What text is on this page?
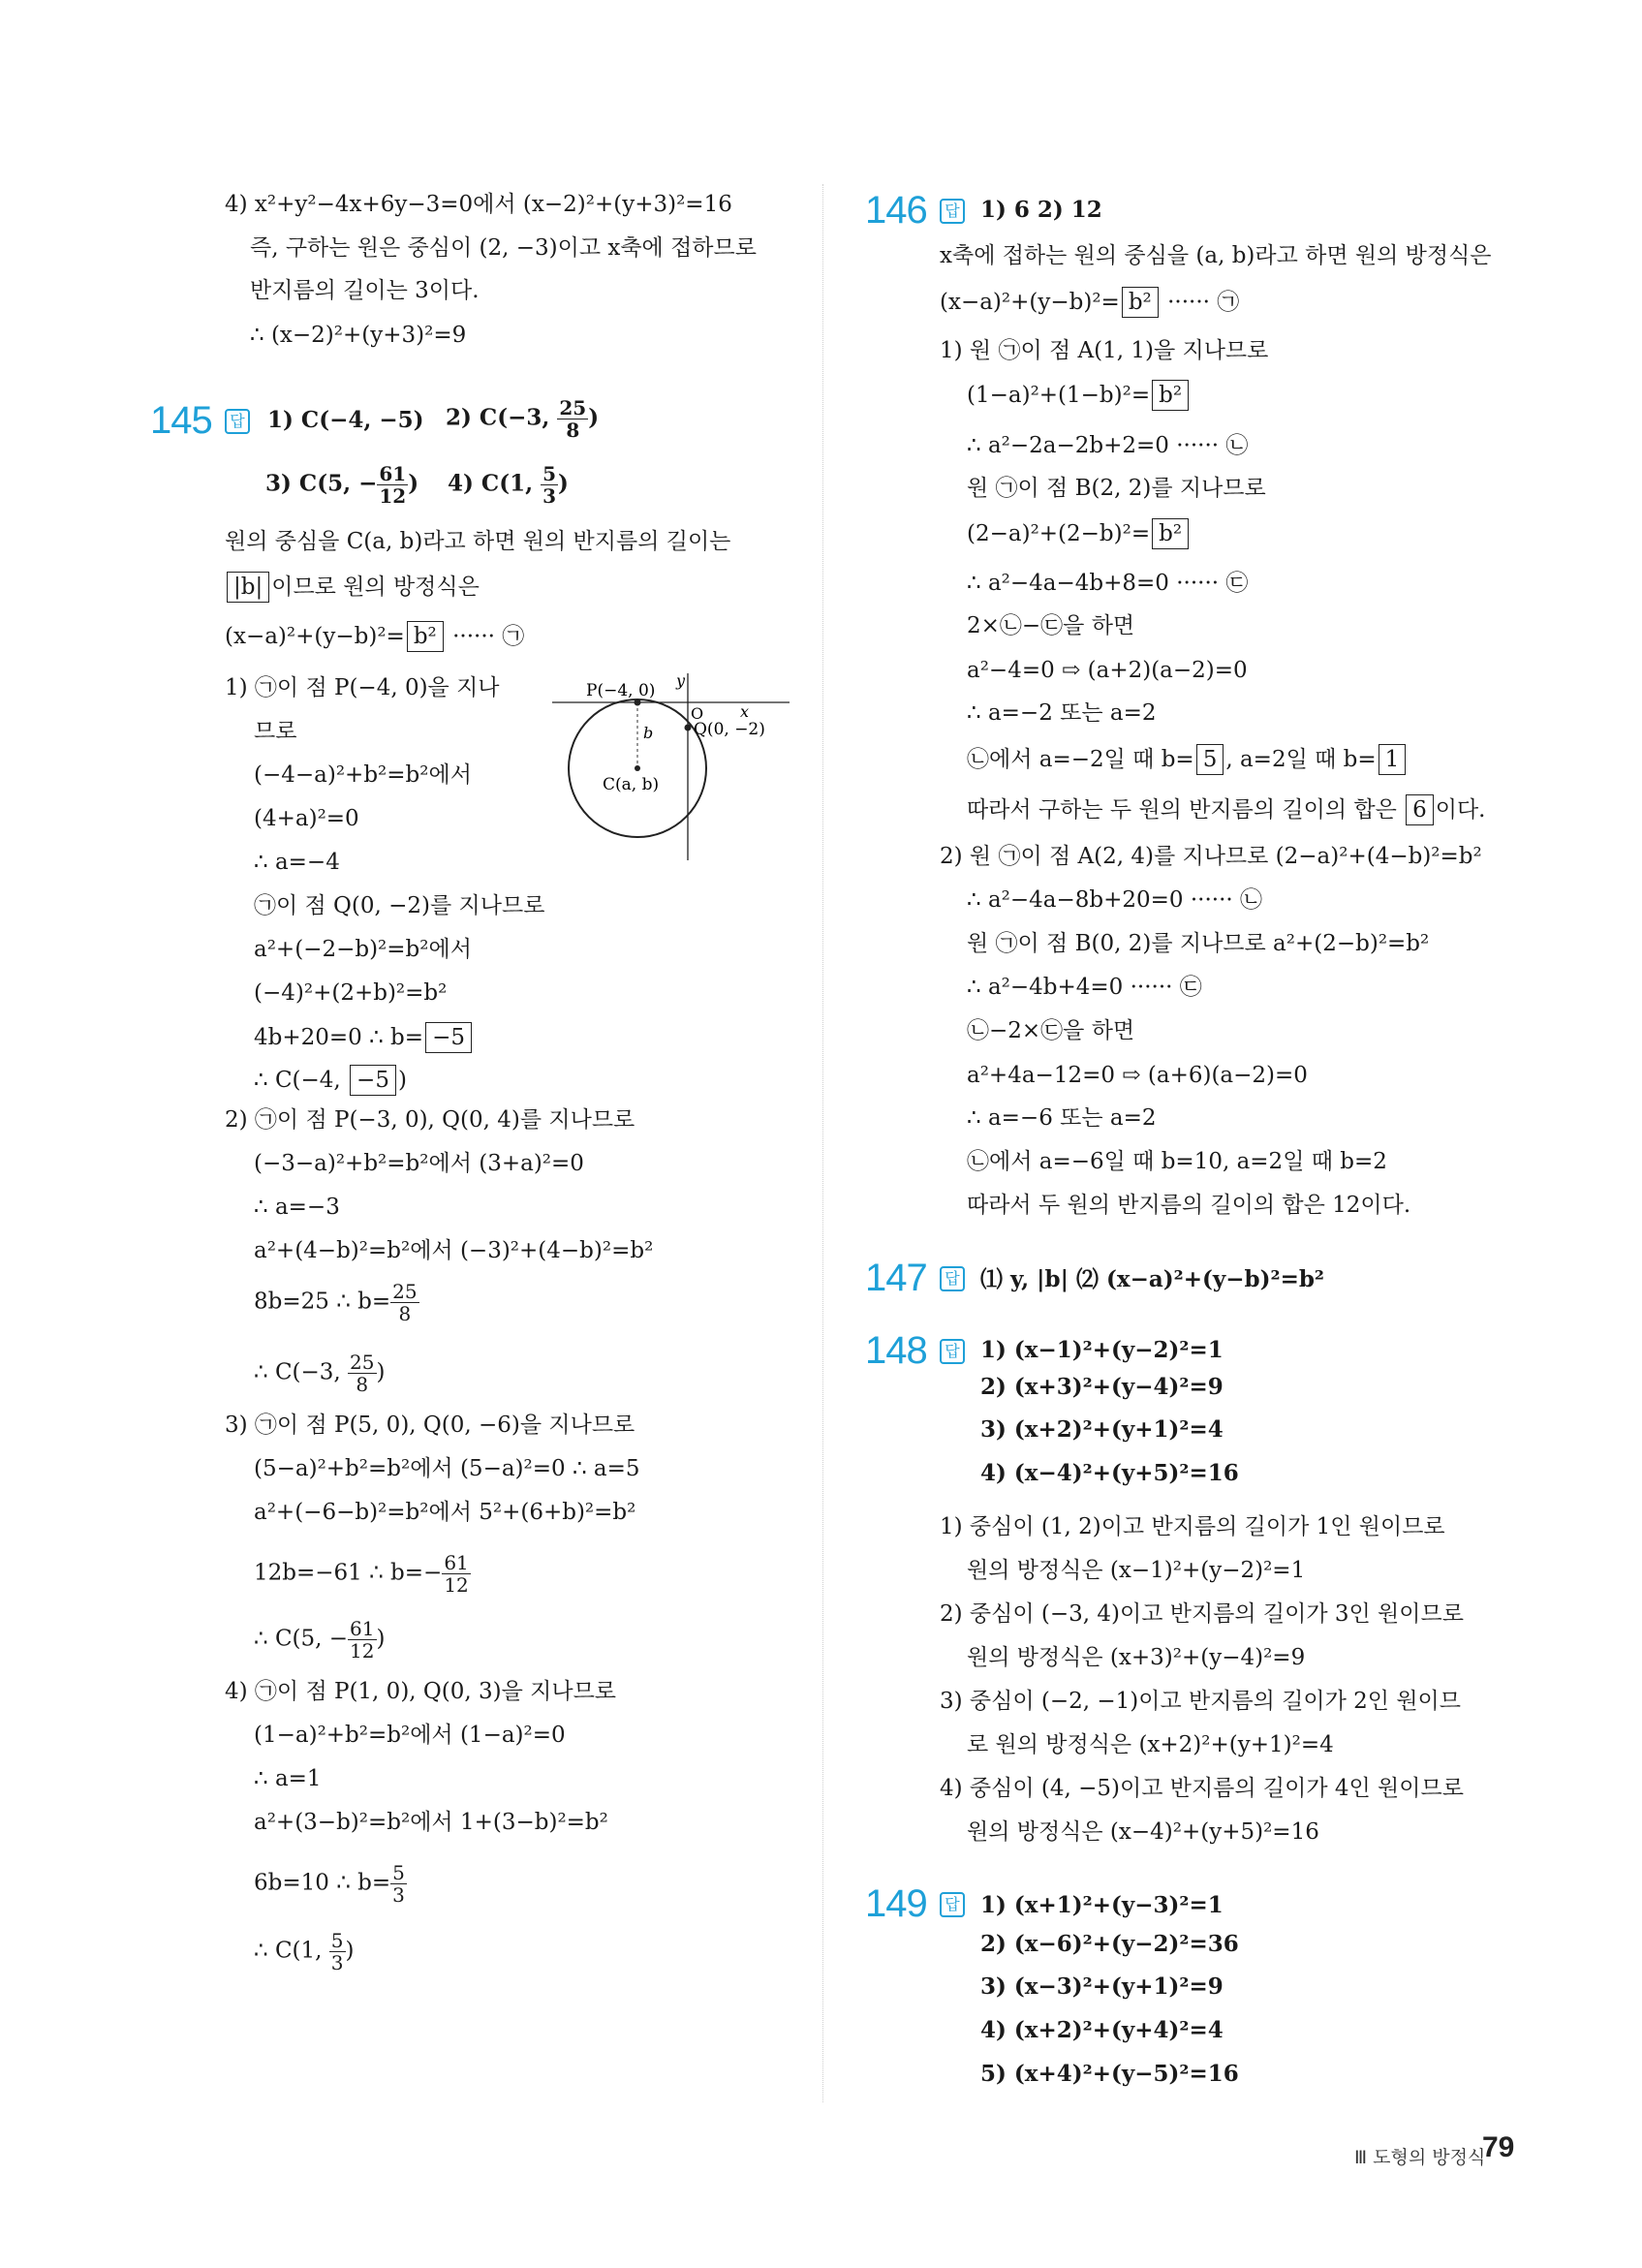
4) x²+y²−4x+6y−3=0에서 (x−2)²+(y+3)²=16
즉, 구하는 원은 중심이 (2, −3)이고 x축에 접하므로
반지름의 길이는 3이다.
∴ (x−2)²+(y+3)²=9
145	답 1) C(−4, −5) 2) C(−3, $\frac{25}{8}$ )
3) C(5, − $\frac{61}{12}$ ) 4) C(1, $\frac{5}{3}$ )
원의 중심을 C(a, b)라고 하면 원의 반지름의 길이는
|b| 이므로 원의 방정식은
(x−a)²+(y−b)²= b² ······ ㉠
1) ㉠이 점 P(−4, 0)을 지나
므로
(−4−a)²+b²=b²에서
(4+a)²=0
∴ a=−4
㉠이 점 Q(0, −2)를 지나므로
a²+(−2−b)²=b²에서
(−4)²+(2+b)²=b²
4b+20=0 ∴ b= −5
∴ C(−4, −5 )
P(−4, 0)
y
O x
Q(0, −2)
b
C(a, b)
2) ㉠이 점 P(−3, 0), Q(0, 4)를 지나므로
(−3−a)²+b²=b²에서 (3+a)²=0
∴ a=−3
a²+(4−b)²=b²에서 (−3)²+(4−b)²=b²
8b=25 ∴ $b= \frac{25}{8}$
∴ C(−3, $\frac{25}{8}$ )
3) ㉠이 점 P(5, 0), Q(0, −6)을 지나므로
(5−a)²+b²=b²에서 (5−a)²=0 ∴ a=5
a²+(−6−b)²=b²에서 5²+(6+b)²=b²
12b=−61 ∴ $b=- \frac{61}{12}$
∴ C(5, − $\frac{61}{12}$ )
4) ㉠이 점 P(1, 0), Q(0, 3)을 지나므로
(1−a)²+b²=b²에서 (1−a)²=0
∴ a=1
a²+(3−b)²=b²에서 1+(3−b)²=b²
6b=10 ∴ $b= \frac{5}{3}$
∴ C(1, $\frac{5}{3}$ )
146	답 1) 6 2) 12
x축에 접하는 원의 중심을 (a, b)라고 하면 원의 방정식은
(x−a)²+(y−b)²= b² ······ ㉠
1) 원 ㉠이 점 A(1, 1)을 지나므로
(1−a)²+(1−b)²= b²
∴ a²−2a−2b+2=0 ······ ㉡
원 ㉠이 점 B(2, 2)를 지나므로
(2−a)²+(2−b)²= b²
∴ a²−4a−4b+8=0 ······ ㉢
2×㉡−㉢을 하면
a²−4=0 ⇨ (a+2)(a−2)=0
∴ a=−2 또는 a=2
㉡에서 a=−2일 때 b= 5 , a=2일 때 b= 1
따라서 구하는 두 원의 반지름의 길이의 합은 6 이다.
2) 원 ㉠이 점 A(2, 4)를 지나므로 (2−a)²+(4−b)²=b²
∴ a²−4a−8b+20=0 ······ ㉡
원 ㉠이 점 B(0, 2)를 지나므로 a²+(2−b)²=b²
∴ a²−4b+4=0 ······ ㉢
㉡−2×㉢을 하면
a²+4a−12=0 ⇨ (a+6)(a−2)=0
∴ a=−6 또는 a=2
㉡에서 a=−6일 때 b=10, a=2일 때 b=2
따라서 두 원의 반지름의 길이의 합은 12이다.
147	답 ⑴ y, |b| ⑵ (x−a)²+(y−b)²=b²
148	답 1) (x−1)²+(y−2)²=1
2) (x+3)²+(y−4)²=9
3) (x+2)²+(y+1)²=4
4) (x−4)²+(y+5)²=16
1) 중심이 (1, 2)이고 반지름의 길이가 1인 원이므로
원의 방정식은 (x−1)²+(y−2)²=1
2) 중심이 (−3, 4)이고 반지름의 길이가 3인 원이므로
원의 방정식은 (x+3)²+(y−4)²=9
3) 중심이 (−2, −1)이고 반지름의 길이가 2인 원이므
로 원의 방정식은 (x+2)²+(y+1)²=4
4) 중심이 (4, −5)이고 반지름의 길이가 4인 원이므로
원의 방정식은 (x−4)²+(y+5)²=16
149	답 1) (x+1)²+(y−3)²=1
2) (x−6)²+(y−2)²=36
3) (x−3)²+(y+1)²=9
4) (x+2)²+(y+4)²=4
5) (x+4)²+(y−5)²=16
Ⅲ 도형의 방정식
79
